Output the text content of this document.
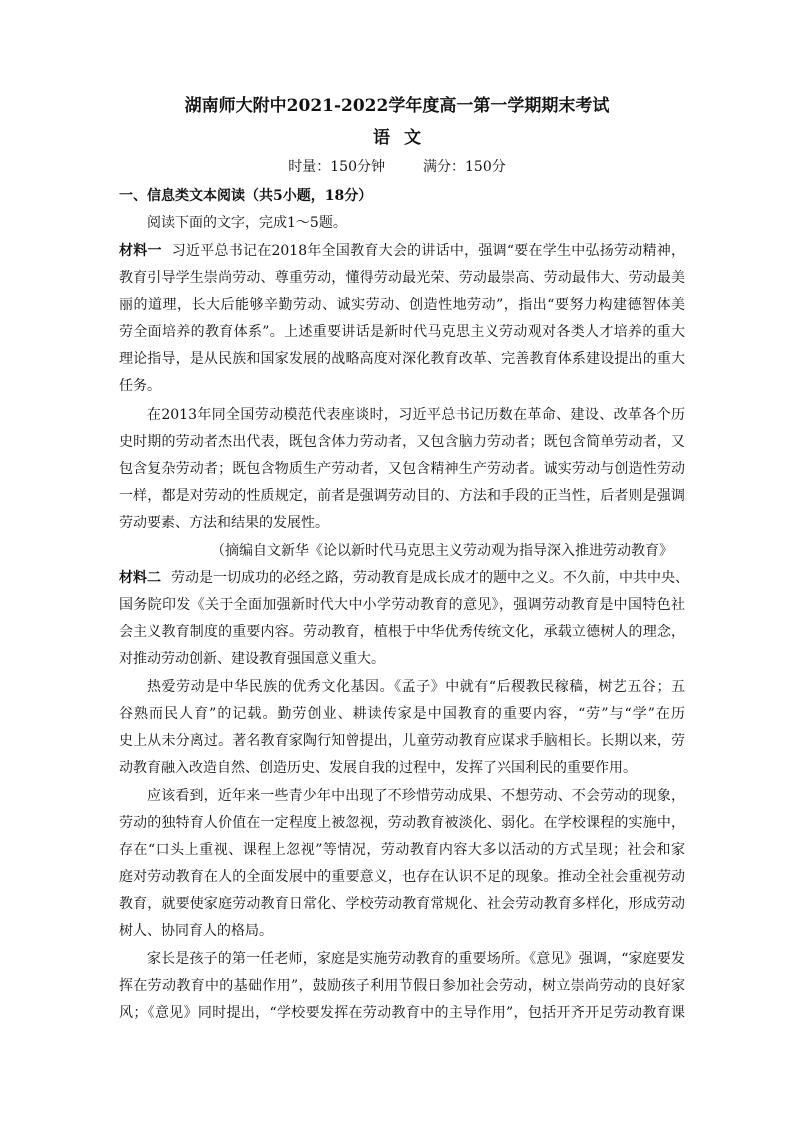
湖南师大附中2021-2022学年度高一第一学期期末考试
语文
时量：150分钟	满分：150分
一、信息类文本阅读（共5小题，18分）
阅读下面的文字，完成1～5题。
材料一 习近平总书记在2018年全国教育大会的讲话中，强调“要在学生中弘扬劳动精神，
教育引导学生崇尚劳动、尊重劳动，懂得劳动最光荣、劳动最崇高、劳动最伟大、劳动最美
丽的道理，长大后能够辛勤劳动、诚实劳动、创造性地劳动”，指出“要努力构建德智体美
劳全面培养的教育体系”。上述重要讲话是新时代马克思主义劳动观对各类人才培养的重大
理论指导，是从民族和国家发展的战略高度对深化教育改革、完善教育体系建设提出的重大
任务。
在2013年同全国劳动模范代表座谈时，习近平总书记历数在革命、建设、改革各个历
史时期的劳动者杰出代表，既包含体力劳动者，又包含脑力劳动者；既包含简单劳动者，又
包含复杂劳动者；既包含物质生产劳动者，又包含精神生产劳动者。诚实劳动与创造性劳动
一样，都是对劳动的性质规定，前者是强调劳动目的、方法和手段的正当性，后者则是强调
劳动要素、方法和结果的发展性。
（摘编自文新华《论以新时代马克思主义劳动观为指导深入推进劳动教育》
材料二 劳动是一切成功的必经之路，劳动教育是成长成才的题中之义。不久前，中共中央、
国务院印发《关于全面加强新时代大中小学劳动教育的意见》，强调劳动教育是中国特色社
会主义教育制度的重要内容。劳动教育，植根于中华优秀传统文化，承载立德树人的理念，
对推动劳动创新、建设教育强国意义重大。
热爱劳动是中华民族的优秀文化基因。《孟子》中就有“后稷教民稼穑，树艺五谷；五
谷熟而民人育”的记载。勤劳创业、耕读传家是中国教育的重要内容，“劳”与“学”在历
史上从未分离过。著名教育家陶行知曾提出，儿童劳动教育应谋求手脑相长。长期以来，劳
动教育融入改造自然、创造历史、发展自我的过程中，发挥了兴国利民的重要作用。
应该看到，近年来一些青少年中出现了不珍惜劳动成果、不想劳动、不会劳动的现象，
劳动的独特育人价值在一定程度上被忽视，劳动教育被淡化、弱化。在学校课程的实施中，
存在“口头上重视、课程上忽视”等情况，劳动教育内容大多以活动的方式呈现；社会和家
庭对劳动教育在人的全面发展中的重要意义，也存在认识不足的现象。推动全社会重视劳动
教育，就要使家庭劳动教育日常化、学校劳动教育常规化、社会劳动教育多样化，形成劳动
树人、协同育人的格局。
家长是孩子的第一任老师，家庭是实施劳动教育的重要场所。《意见》强调，“家庭要发
挥在劳动教育中的基础作用”，鼓励孩子利用节假日参加社会劳动，树立崇尚劳动的良好家
风；《意见》同时提出，“学校要发挥在劳动教育中的主导作用”，包括开齐开足劳动教育课
